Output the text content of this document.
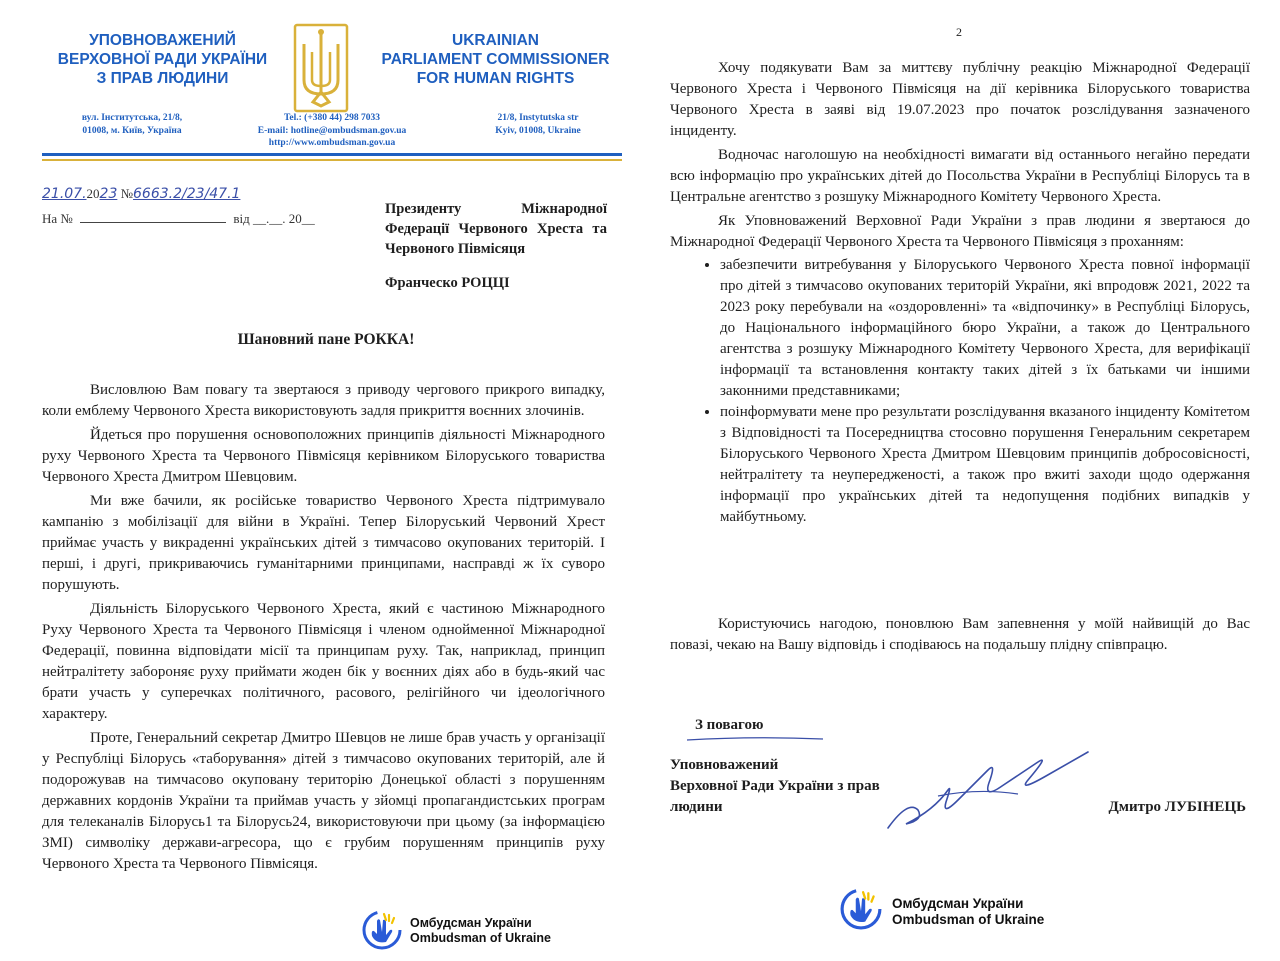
УПОВНОВАЖЕНИЙ
ВЕРХОВНОЇ РАДИ УКРАЇНИ
З ПРАВ ЛЮДИНИ
UKRAINIAN
PARLIAMENT COMMISSIONER
FOR HUMAN RIGHTS
вул. Інститутська, 21/8,
01008, м. Київ, Україна
Tel.: (+380 44) 298 7033
E-mail: hotline@ombudsman.gov.ua
http://www.ombudsman.gov.ua
21/8, Instytutska str
Kyiv, 01008, Ukraine
21.07.2023 №6663.2/23/47.1
На №	від __.__. 20__
Президенту Міжнародної Федерації Червоного Хреста та Червоного Півмісяця
Франческо РОЦЦІ
Шановний пане РОККА!

Висловлюю Вам повагу та звертаюся з приводу чергового прикрого випадку, коли емблему Червоного Хреста використовують задля прикриття воєнних злочинів.

Йдеться про порушення основоположних принципів діяльності Міжнародного руху Червоного Хреста та Червоного Півмісяця керівником Білоруського товариства Червоного Хреста Дмитром Шевцовим.

Ми вже бачили, як російське товариство Червоного Хреста підтримувало кампанію з мобілізації для війни в Україні. Тепер Білоруський Червоний Хрест приймає участь у викраденні українських дітей з тимчасово окупованих територій. І перші, і другі, прикриваючись гуманітарними принципами, насправді ж їх суворо порушують.

Діяльність Білоруського Червоного Хреста, який є частиною Міжнародного Руху Червоного Хреста та Червоного Півмісяця і членом однойменної Міжнародної Федерації, повинна відповідати місії та принципам руху. Так, наприклад, принцип нейтралітету забороняє руху приймати жоден бік у воєнних діях або в будь-який час брати участь у суперечках політичного, расового, релігійного чи ідеологічного характеру.

Проте, Генеральний секретар Дмитро Шевцов не лише брав участь у організації у Республіці Білорусь «таборування» дітей з тимчасово окупованих територій, але й подорожував на тимчасово окуповану територію Донецької області з порушенням державних кордонів України та приймав участь у зйомці пропагандистських програм для телеканалів Білорусь1 та Білорусь24, використовуючи при цьому (за інформацією ЗМІ) символіку держави-агресора, що є грубим порушенням принципів руху Червоного Хреста та Червоного Півмісяця.

Омбудсман України
Ombudsman of Ukraine
2

Хочу подякувати Вам за миттєву публічну реакцію Міжнародної Федерації Червоного Хреста і Червоного Півмісяця на дії керівника Білоруського товариства Червоного Хреста в заяві від 19.07.2023 про початок розслідування зазначеного інциденту.

Водночас наголошую на необхідності вимагати від останнього негайно передати всю інформацію про українських дітей до Посольства України в Республіці Білорусь та в Центральне агентство з розшуку Міжнародного Комітету Червоного Хреста.

Як Уповноважений Верховної Ради України з прав людини я звертаюся до Міжнародної Федерації Червоного Хреста та Червоного Півмісяця з проханням:

• забезпечити витребування у Білоруського Червоного Хреста повної інформації про дітей з тимчасово окупованих територій України, які впродовж 2021, 2022 та 2023 року перебували на «оздоровленні» та «відпочинку» в Республіці Білорусь, до Національного інформаційного бюро України, а також до Центрального агентства з розшуку Міжнародного Комітету Червоного Хреста, для верифікації інформації та встановлення контакту таких дітей з їх батьками чи іншими законними представниками;
• поінформувати мене про результати розслідування вказаного інциденту Комітетом з Відповідності та Посередництва стосовно порушення Генеральним секретарем Білоруського Червоного Хреста Дмитром Шевцовим принципів добросовісності, нейтралітету та неупередженості, а також про вжиті заходи щодо одержання інформації про українських дітей та недопущення подібних випадків у майбутньому.

Користуючись нагодою, поновлюю Вам запевнення у моїй найвищій до Вас повазі, чекаю на Вашу відповідь і сподіваюсь на подальшу плідну співпрацю.

З повагою
Уповноважений
Верховної Ради України з прав
людини	Дмитро ЛУБІНЕЦЬ
Омбудсман України
Ombudsman of Ukraine
